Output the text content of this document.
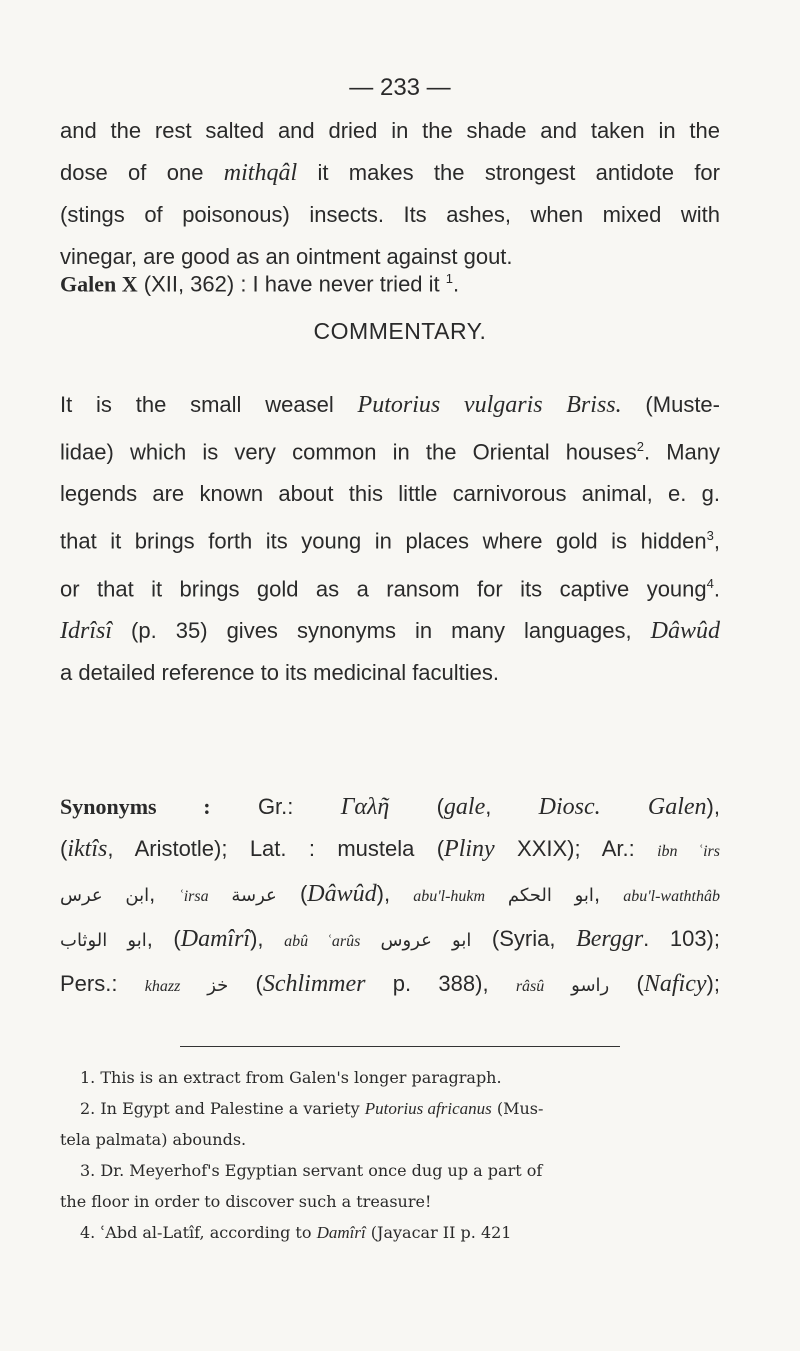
— 233 —

and the rest salted and dried in the shade and taken in the
dose of one mithqâl it makes the strongest antidote for
(stings of poisonous) insects. Its ashes, when mixed with
vinegar, are good as an ointment against gout.

Galen X (XII, 362) : I have never tried it $^1$.

COMMENTARY.

It is the small weasel Putorius vulgaris Briss. (Muste-
lidae) which is very common in the Oriental houses$^2$. Many
legends are known about this little carnivorous animal, e. g.
that it brings forth its young in places where gold is hidden$^3$,
or that it brings gold as a ransom for its captive young$^4$.
Idrîsî (p. 35) gives synonyms in many languages, Dâwûd
a detailed reference to its medicinal faculties.

Synonyms : Gr.: Γαλῆ (gale, Diosc. Galen),
(iktîs, Aristotle); Lat. : mustela (Pliny XXIX); Ar.: ibn ʿirs
ابن عرس, ʿirsa عرسة (Dâwûd), abu'l-hukm ابو الحكم, abu'l-waththâb
ابو الوثاب, (Damîrî), abû ʿarûs ابو عروس (Syria, Berggr. 103);
Pers.: khazz خز (Schlimmer p. 388), râsû راسو (Naficy);

1. This is an extract from Galen's longer paragraph.
2. In Egypt and Palestine a variety Putorius africanus (Mus-
tela palmata) abounds.
3. Dr. Meyerhof's Egyptian servant once dug up a part of
the floor in order to discover such a treasure!
4. ʿAbd al-Latîf, according to Damîrî (Jayacar II p. 421
